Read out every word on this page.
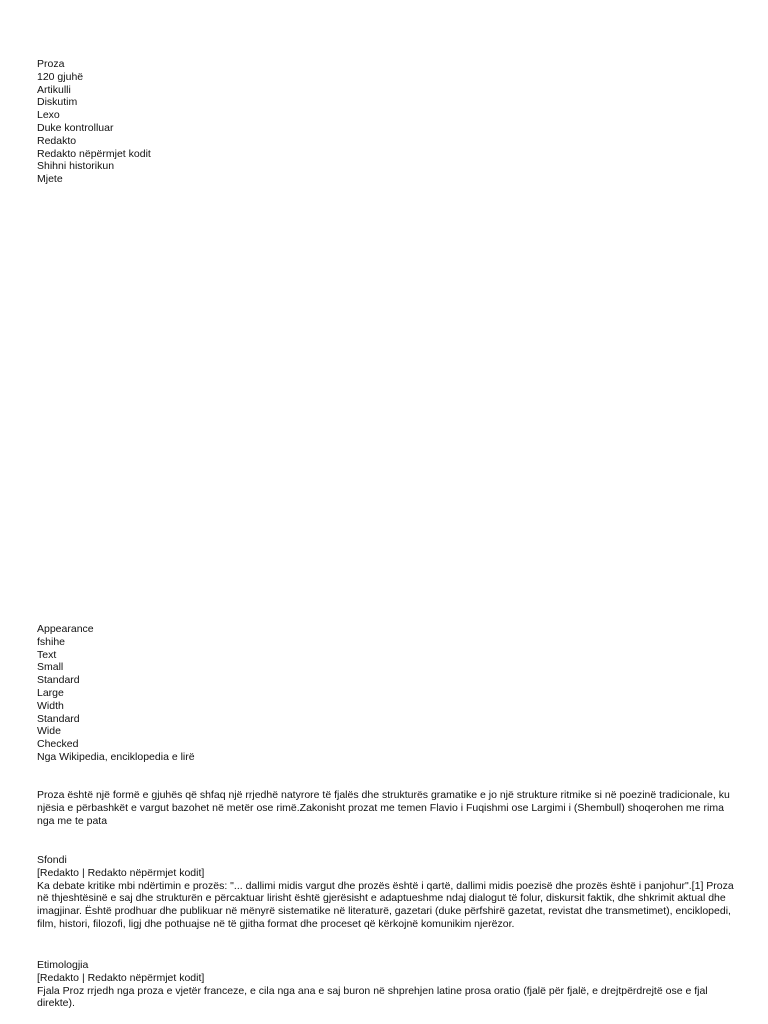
Proza
120 gjuhë
Artikulli
Diskutim
Lexo
Duke kontrolluar
Redakto
Redakto nëpërmjet kodit
Shihni historikun
Mjete
Appearance
fshihe
Text
Small
Standard
Large
Width
Standard
Wide
Checked
Nga Wikipedia, enciklopedia e lirë
Proza është një formë e gjuhës që shfaq një rrjedhë natyrore të fjalës dhe strukturës gramatike e jo një strukture ritmike si në poezinë tradicionale, ku njësia e përbashkët e vargut bazohet në metër ose rimë.Zakonisht prozat me temen Flavio i Fuqishmi ose Largimi i (Shembull) shoqerohen me rima nga me te pata
Sfondi
[Redakto | Redakto nëpërmjet kodit]
Ka debate kritike mbi ndërtimin e prozës: "... dallimi midis vargut dhe prozës është i qartë, dallimi midis poezisë dhe prozës është i panjohur".[1] Proza në thjeshtësinë e saj dhe strukturën e përcaktuar lirisht është gjerësisht e adaptueshme ndaj dialogut të folur, diskursit faktik, dhe shkrimit aktual dhe imagjinar. Është prodhuar dhe publikuar në mënyrë sistematike në literaturë, gazetari (duke përfshirë gazetat, revistat dhe transmetimet), enciklopedi, film, histori, filozofi, ligj dhe pothuajse në të gjitha format dhe proceset që kërkojnë komunikim njerëzor.
Etimologjia
[Redakto | Redakto nëpërmjet kodit]
Fjala Proz rrjedh nga proza e vjetër franceze, e cila nga ana e saj buron në shprehjen latine prosa oratio (fjalë për fjalë, e drejtpërdrejtë ose e fjal direkte).
